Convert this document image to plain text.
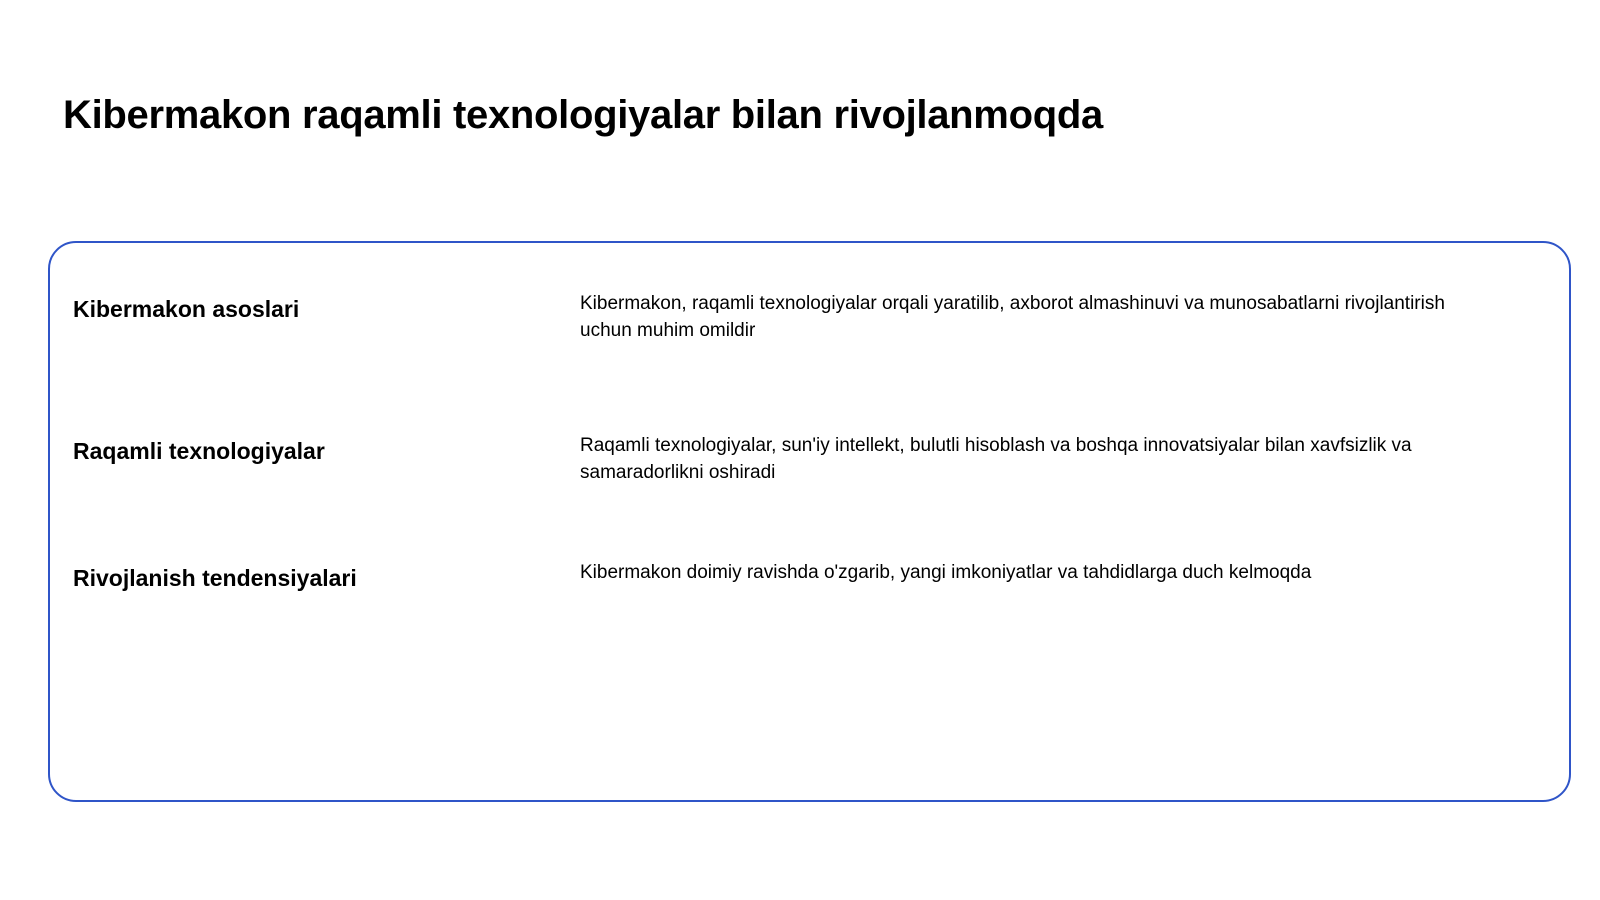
Kibermakon raqamli texnologiyalar bilan rivojlanmoqda
Kibermakon asoslari	Kibermakon, raqamli texnologiyalar orqali yaratilib, axborot almashinuvi va munosabatlarni rivojlantirish uchun muhim omildir

Raqamli texnologiyalar	Raqamli texnologiyalar, sun'iy intellekt, bulutli hisoblash va boshqa innovatsiyalar bilan xavfsizlik va samaradorlikni oshiradi

Rivojlanish tendensiyalari	Kibermakon doimiy ravishda o'zgarib, yangi imkoniyatlar va tahdidlarga duch kelmoqda
